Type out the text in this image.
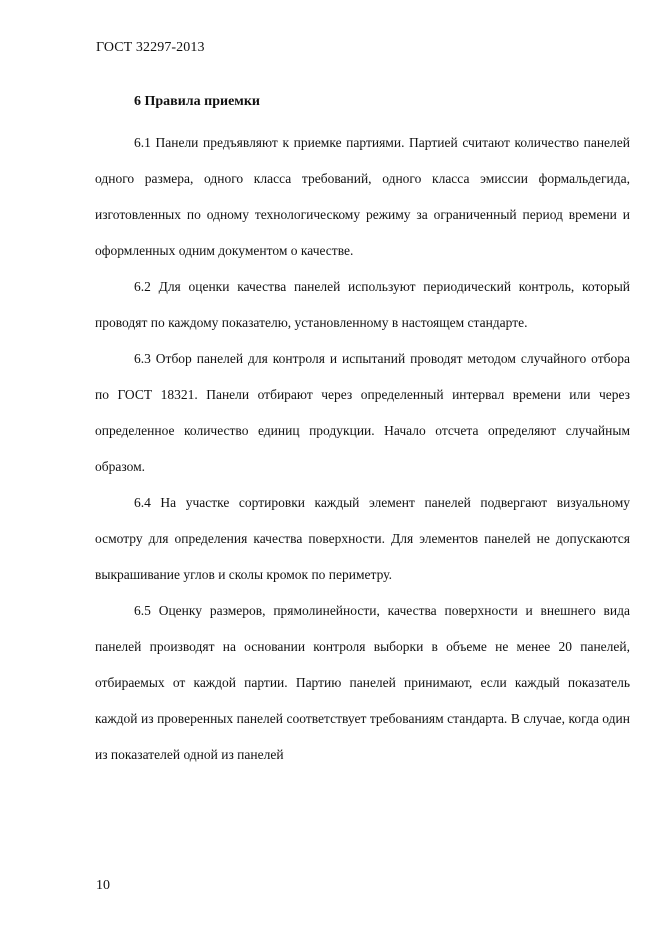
ГОСТ 32297-2013

6 Правила приемки

6.1 Панели предъявляют к приемке партиями. Партией считают количество панелей одного размера, одного класса требований, одного класса эмиссии формальдегида, изготовленных по одному технологическому режиму за ограниченный период времени и оформленных одним документом о качестве.

6.2 Для оценки качества панелей используют периодический контроль, который проводят по каждому показателю, установленному в настоящем стандарте.

6.3 Отбор панелей для контроля и испытаний проводят методом случайного отбора по ГОСТ 18321. Панели отбирают через определенный интервал времени или через определенное количество единиц продукции. Начало отсчета определяют случайным образом.

6.4 На участке сортировки каждый элемент панелей подвергают визуальному осмотру для определения качества поверхности. Для элементов панелей не допускаются выкрашивание углов и сколы кромок по периметру.

6.5 Оценку размеров, прямолинейности, качества поверхности и внешнего вида панелей производят на основании контроля выборки в объеме не менее 20 панелей, отбираемых от каждой партии. Партию панелей принимают, если каждый показатель каждой из проверенных панелей соответствует требованиям стандарта. В случае, когда один из показателей одной из панелей

10
